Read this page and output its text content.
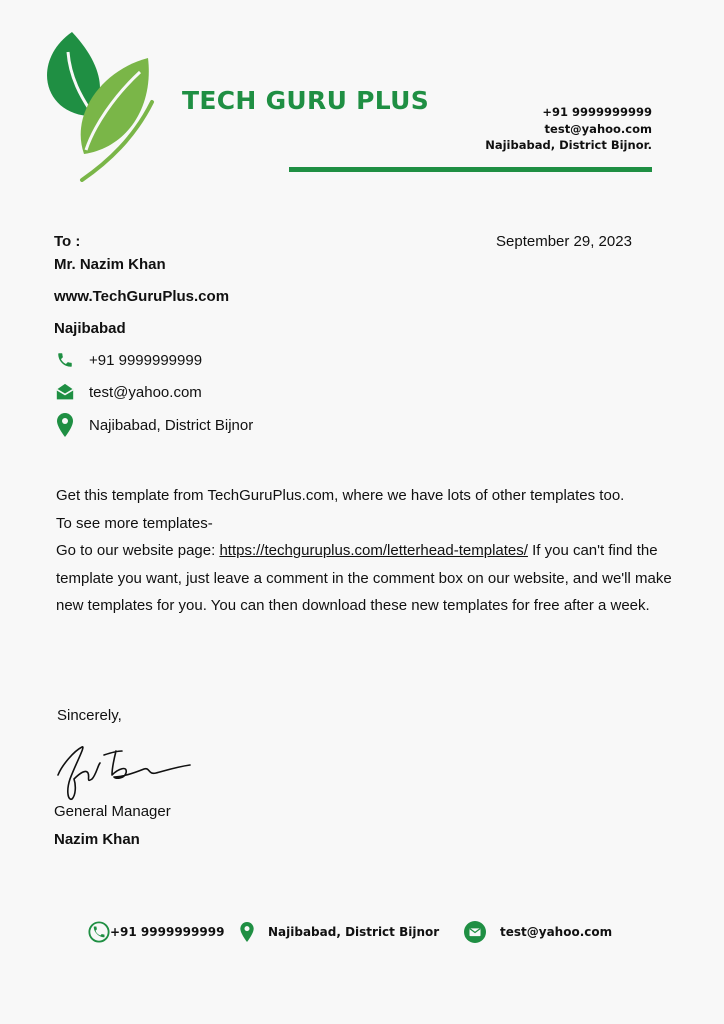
TECH GURU PLUS	+91 9999999999
test@yahoo.com
Najibabad, District Bijnor.
To :	September 29, 2023
Mr. Nazim Khan
www.TechGuruPlus.com
Najibabad
+91 9999999999
test@yahoo.com
Najibabad, District Bijnor
Get this template from TechGuruPlus.com, where we have lots of other templates too.
To see more templates-
Go to our website page: https://techguruplus.com/letterhead-templates/ If you can't find the template you want, just leave a comment in the comment box on our website, and we'll make new templates for you. You can then download these new templates for free after a week.
Sincerely,
General Manager
Nazim Khan
+91 9999999999	Najibabad, District Bijnor	test@yahoo.com
